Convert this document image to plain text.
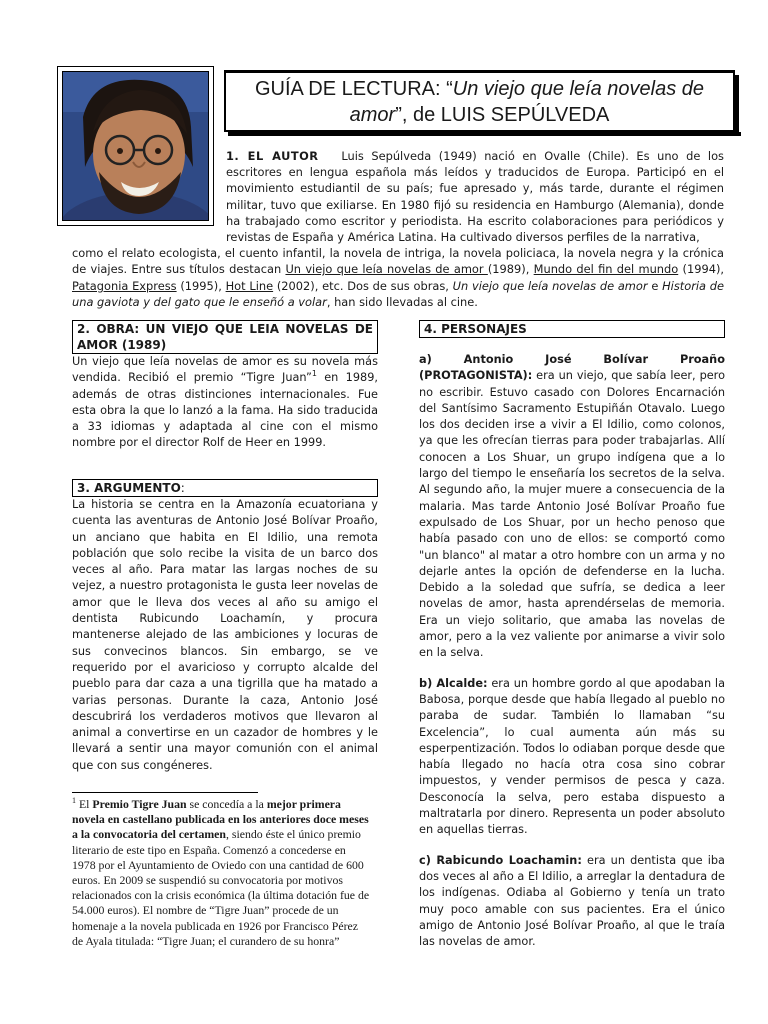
GUÍA DE LECTURA: “Un viejo que leía novelas de
amor”, de LUIS SEPÚLVEDA

1. EL AUTOR Luis Sepúlveda (1949) nació en Ovalle (Chile). Es uno de los escritores en lengua española más leídos y traducidos de Europa. Participó en el movimiento estudiantil de su país; fue apresado y, más tarde, durante el régimen militar, tuvo que exiliarse. En 1980 fijó su residencia en Hamburgo (Alemania), donde ha trabajado como escritor y periodista. Ha escrito colaboraciones para periódicos y revistas de España y América Latina. Ha cultivado diversos perfiles de la narrativa,

como el relato ecologista, el cuento infantil, la novela de intriga, la novela policiaca, la novela negra y la crónica de viajes. Entre sus títulos destacan Un viejo que leía novelas de amor (1989), Mundo del fin del mundo (1994), Patagonia Express (1995), Hot Line (2002), etc. Dos de sus obras, Un viejo que leía novelas de amor e Historia de una gaviota y del gato que le enseñó a volar, han sido llevadas al cine.

2. OBRA: UN VIEJO QUE LEIA NOVELAS DE AMOR (1989)

Un viejo que leía novelas de amor es su novela más vendida. Recibió el premio “Tigre Juan”$^1$ en 1989, además de otras distinciones internacionales. Fue esta obra la que lo lanzó a la fama. Ha sido traducida a 33 idiomas y adaptada al cine con el mismo nombre por el director Rolf de Heer en 1999.

3. ARGUMENTO:

La historia se centra en la Amazonía ecuatoriana y cuenta las aventuras de Antonio José Bolívar Proaño, un anciano que habita en El Idilio, una remota población que solo recibe la visita de un barco dos veces al año. Para matar las largas noches de su vejez, a nuestro protagonista le gusta leer novelas de amor que le lleva dos veces al año su amigo el dentista Rubicundo Loachamín, y procura mantenerse alejado de las ambiciones y locuras de sus convecinos blancos. Sin embargo, se ve requerido por el avaricioso y corrupto alcalde del pueblo para dar caza a una tigrilla que ha matado a varias personas. Durante la caza, Antonio José descubrirá los verdaderos motivos que llevaron al animal a convertirse en un cazador de hombres y le llevará a sentir una mayor comunión con el animal que con sus congéneres.

$^1$ El Premio Tigre Juan se concedía a la mejor primera novela en castellano publicada en los anteriores doce meses a la convocatoria del certamen, siendo éste el único premio literario de este tipo en España. Comenzó a concederse en 1978 por el Ayuntamiento de Oviedo con una cantidad de 600 euros. En 2009 se suspendió su convocatoria por motivos relacionados con la crisis económica (la última dotación fue de 54.000 euros). El nombre de “Tigre Juan” procede de un homenaje a la novela publicada en 1926 por Francisco Pérez de Ayala titulada: “Tigre Juan; el curandero de su honra”
4. PERSONAJES

a) Antonio José Bolívar Proaño (PROTAGONISTA): era un viejo, que sabía leer, pero no escribir. Estuvo casado con Dolores Encarnación del Santísimo Sacramento Estupiñán Otavalo. Luego los dos deciden irse a vivir a El Idilio, como colonos, ya que les ofrecían tierras para poder trabajarlas. Allí conocen a Los Shuar, un grupo indígena que a lo largo del tiempo le enseñaría los secretos de la selva. Al segundo año, la mujer muere a consecuencia de la malaria. Mas tarde Antonio José Bolívar Proaño fue expulsado de Los Shuar, por un hecho penoso que había pasado con uno de ellos: se comportó como "un blanco" al matar a otro hombre con un arma y no dejarle antes la opción de defenderse en la lucha. Debido a la soledad que sufría, se dedica a leer novelas de amor, hasta aprendérselas de memoria. Era un viejo solitario, que amaba las novelas de amor, pero a la vez valiente por animarse a vivir solo en la selva.

b) Alcalde: era un hombre gordo al que apodaban la Babosa, porque desde que había llegado al pueblo no paraba de sudar. También lo llamaban “su Excelencia”, lo cual aumenta aún más su esperpentización. Todos lo odiaban porque desde que había llegado no hacía otra cosa sino cobrar impuestos, y vender permisos de pesca y caza. Desconocía la selva, pero estaba dispuesto a maltratarla por dinero. Representa un poder absoluto en aquellas tierras.

c) Rabicundo Loachamin: era un dentista que iba dos veces al año a El Idilio, a arreglar la dentadura de los indígenas. Odiaba al Gobierno y tenía un trato muy poco amable con sus pacientes. Era el único amigo de Antonio José Bolívar Proaño, al que le traía las novelas de amor.
